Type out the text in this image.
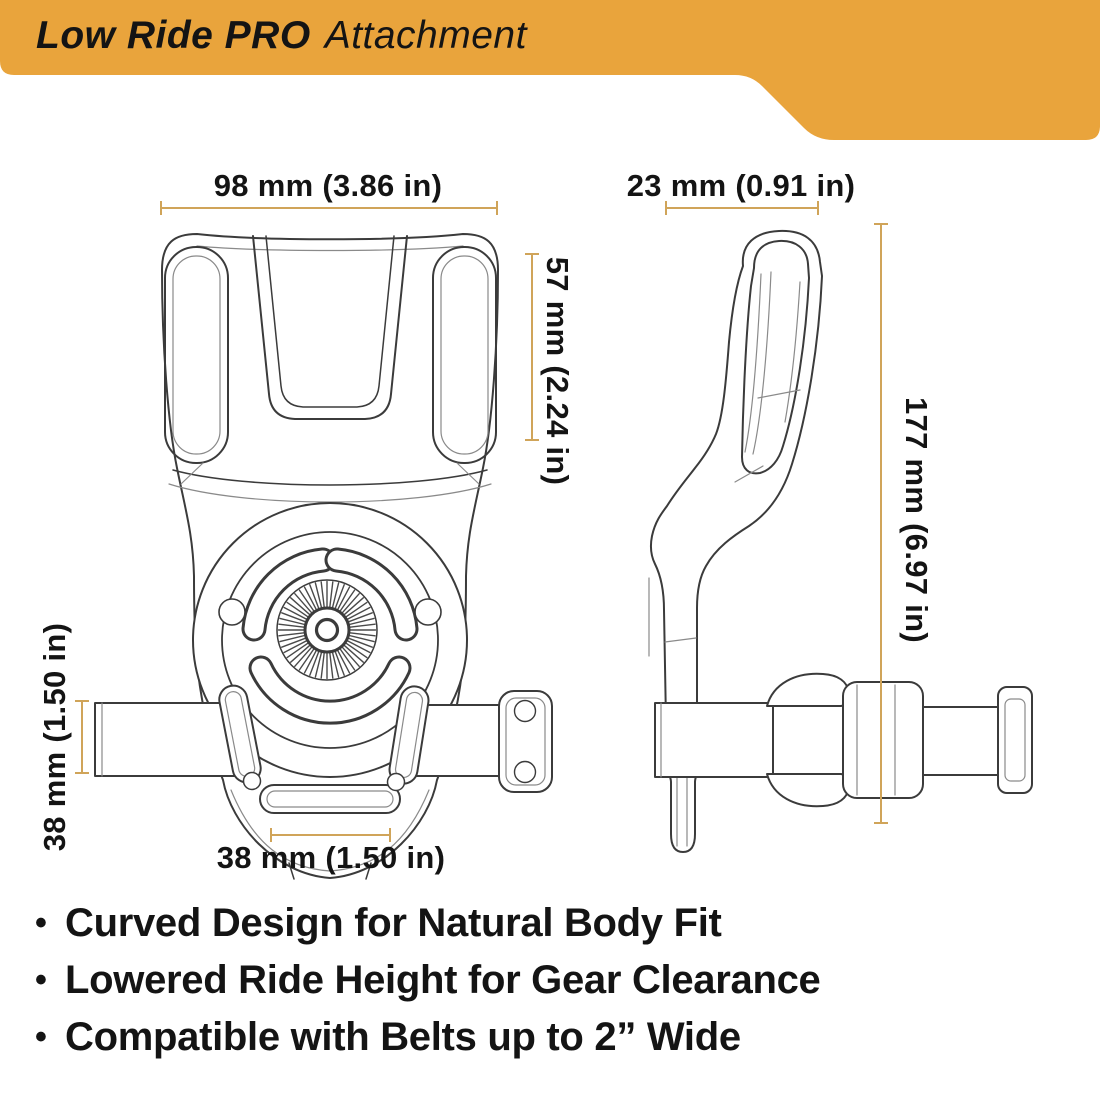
Low Ride PRO Attachment
98 mm (3.86 in)	23 mm (0.91 in)
57 mm (2.24 in)
177 mm (6.97 in)
38 mm (1.50 in)
38 mm (1.50 in)
• Curved Design for Natural Body Fit
• Lowered Ride Height for Gear Clearance
• Compatible with Belts up to 2” Wide
